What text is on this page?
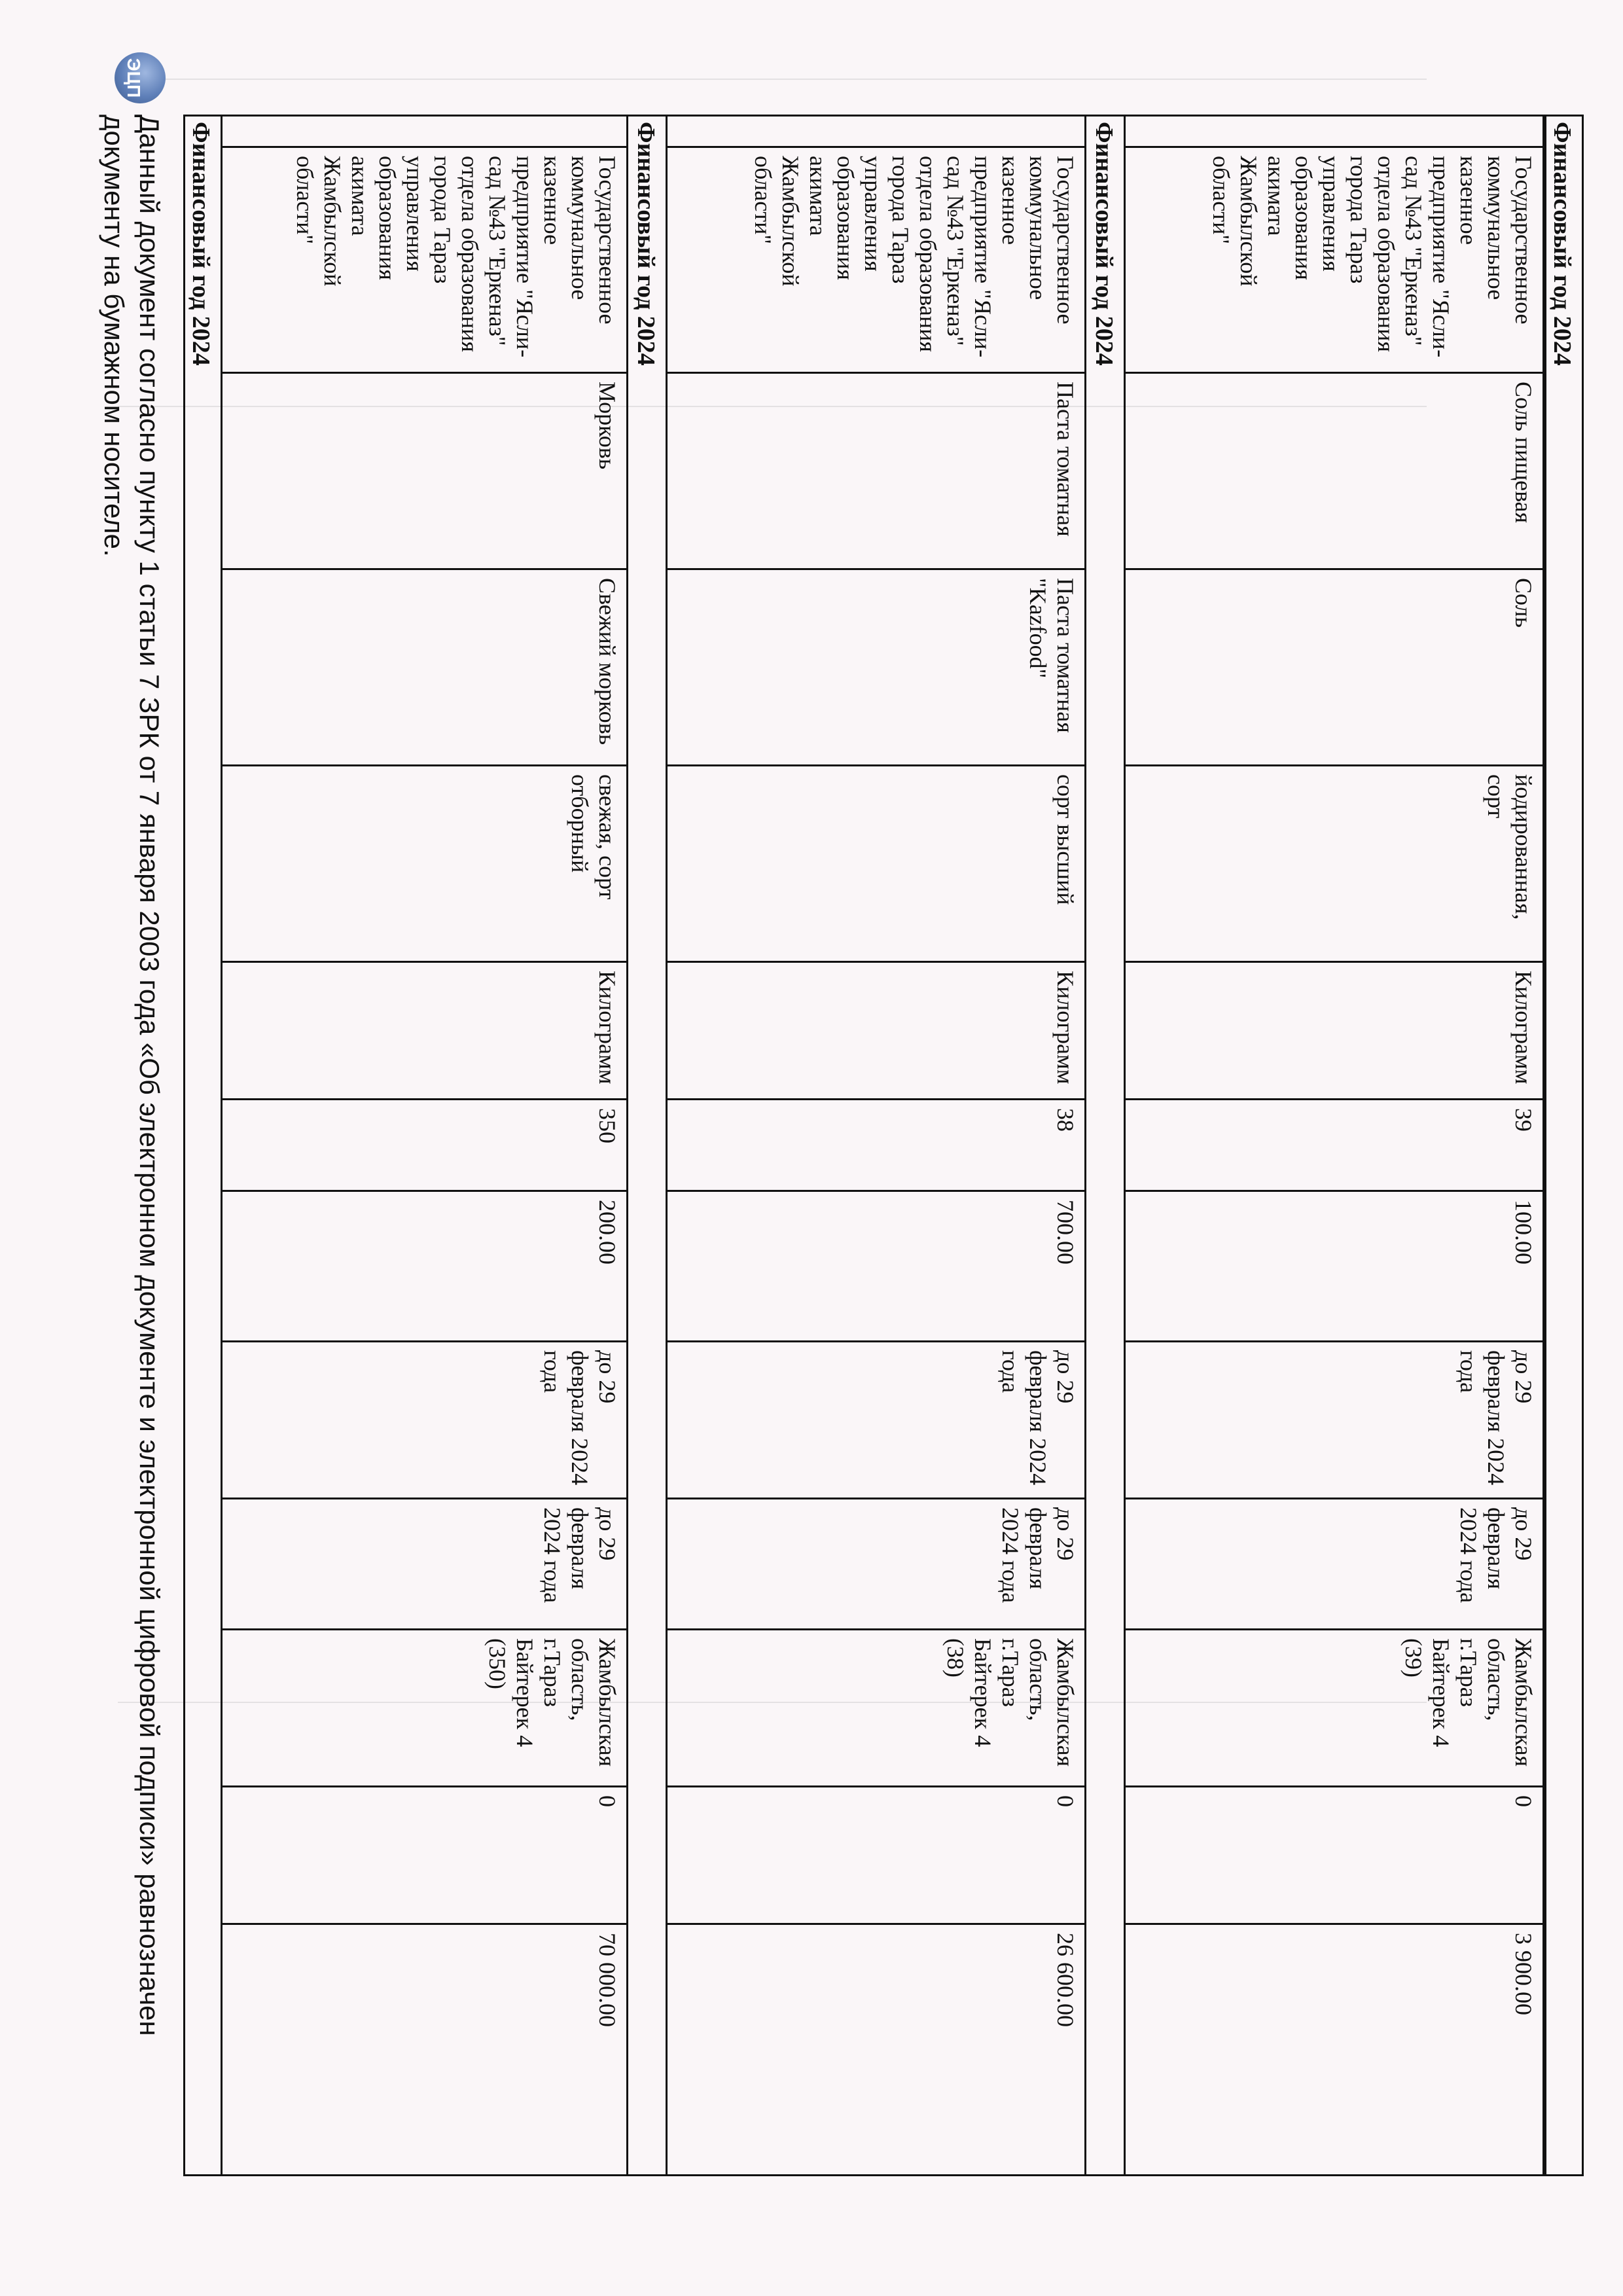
Государственное коммунальное казенное предприятие "Ясли-сад №43 "Еркеназ" отдела образования города Тараз управления образования акимата Жамбылской области"
Соль пищевая
Соль
йодированная, сорт
Килограмм
39
100.00
до 29 февраля 2024 года
до 29 февраля 2024 года
Жамбылская область, г.Тараз Байтерек 4 (39)
0
3 900.00
Финансовый год 2024
Государственное коммунальное казенное предприятие "Ясли-сад №43 "Еркеназ" отдела образования города Тараз управления образования акимата Жамбылской области"
Паста томатная
Паста томатная "Kazfood"
сорт высший
Килограмм
38
700.00
до 29 февраля 2024 года
до 29 февраля 2024 года
Жамбылская область, г.Тараз Байтерек 4 (38)
0
26 600.00
Финансовый год 2024
Государственное коммунальное казенное предприятие "Ясли-сад №43 "Еркеназ" отдела образования города Тараз управления образования акимата Жамбылской области"
Морковь
Свежий морковь
свежая, сорт отборный
Килограмм
350
200.00
до 29 февраля 2024 года
до 29 февраля 2024 года
Жамбылская область, г.Тараз Байтерек 4 (350)
0
70 000.00
Финансовый год 2024	Финансовый год 2024
ЭЦП
Данный документ согласно пункту 1 статьи 7 ЗРК от 7 января 2003 года «Об электронном документе и электронной цифровой подписи» равнозначен документу на бумажном носителе.
